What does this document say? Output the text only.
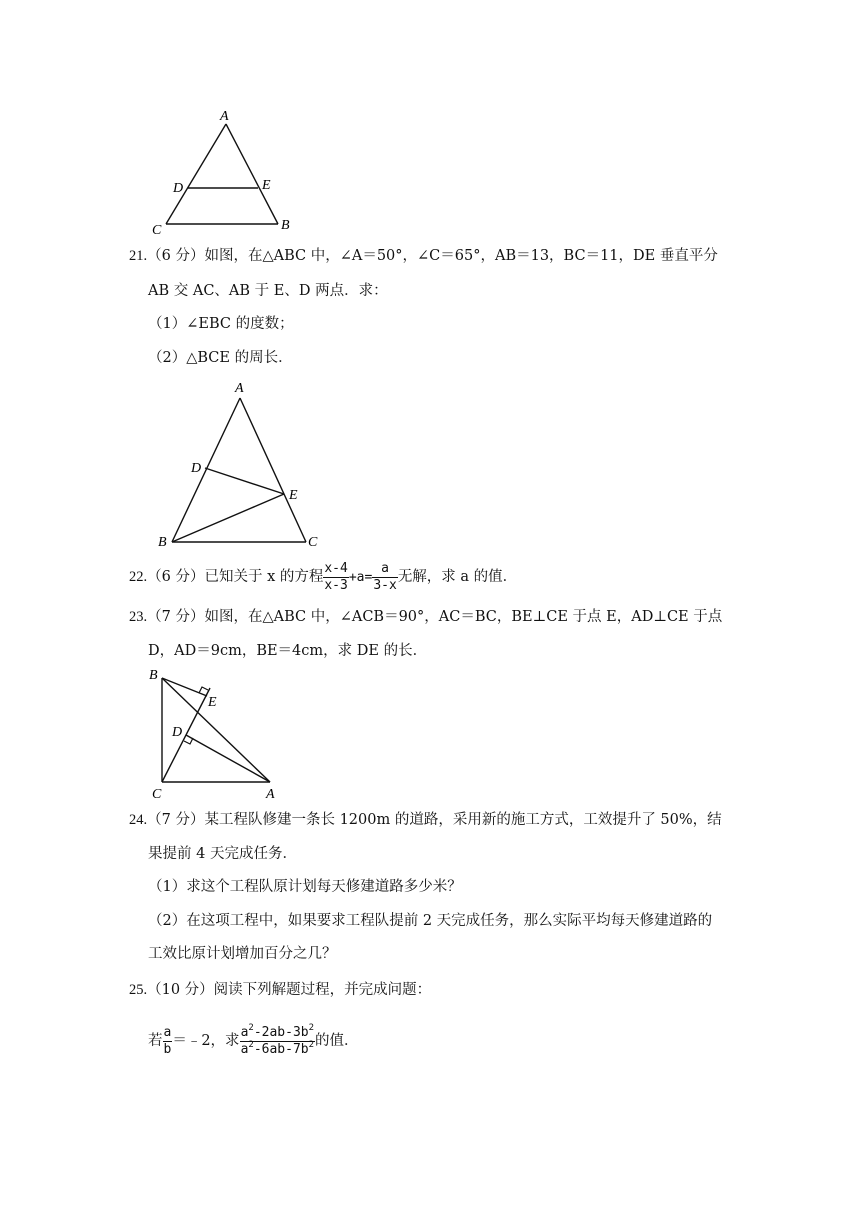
A
D	E
C	B
21.（6 分）如图，在△ABC 中，∠A＝50°，∠C＝65°，AB＝13，BC＝11，DE 垂直平分
AB 交 AC、AB 于 E、D 两点．求：
（1）∠EBC 的度数；
（2）△BCE 的周长．
A
D
E
B	C
22.（6 分）已知关于 x 的方程 $\frac{x-4}{x-3} +a= \frac{a}{3-x}$ 无解，求 a 的值．
23.（7 分）如图，在△ABC 中，∠ACB＝90°，AC＝BC，BE⊥CE 于点 E，AD⊥CE 于点
D，AD＝9cm，BE＝4cm，求 DE 的长．
B
E
D
C	A
24.（7 分）某工程队修建一条长 1200m 的道路，采用新的施工方式，工效提升了 50%，结
果提前 4 天完成任务．
（1）求这个工程队原计划每天修建道路多少米？
（2）在这项工程中，如果要求工程队提前 2 天完成任务，那么实际平均每天修建道路的
工效比原计划增加百分之几？
25.（10 分）阅读下列解题过程，并完成问题：
若 $\frac{a}{b}$ ＝﹣2，求 $\frac{a^2-2ab-3b^2}{a^2-6ab-7b^2}$ 的值．
